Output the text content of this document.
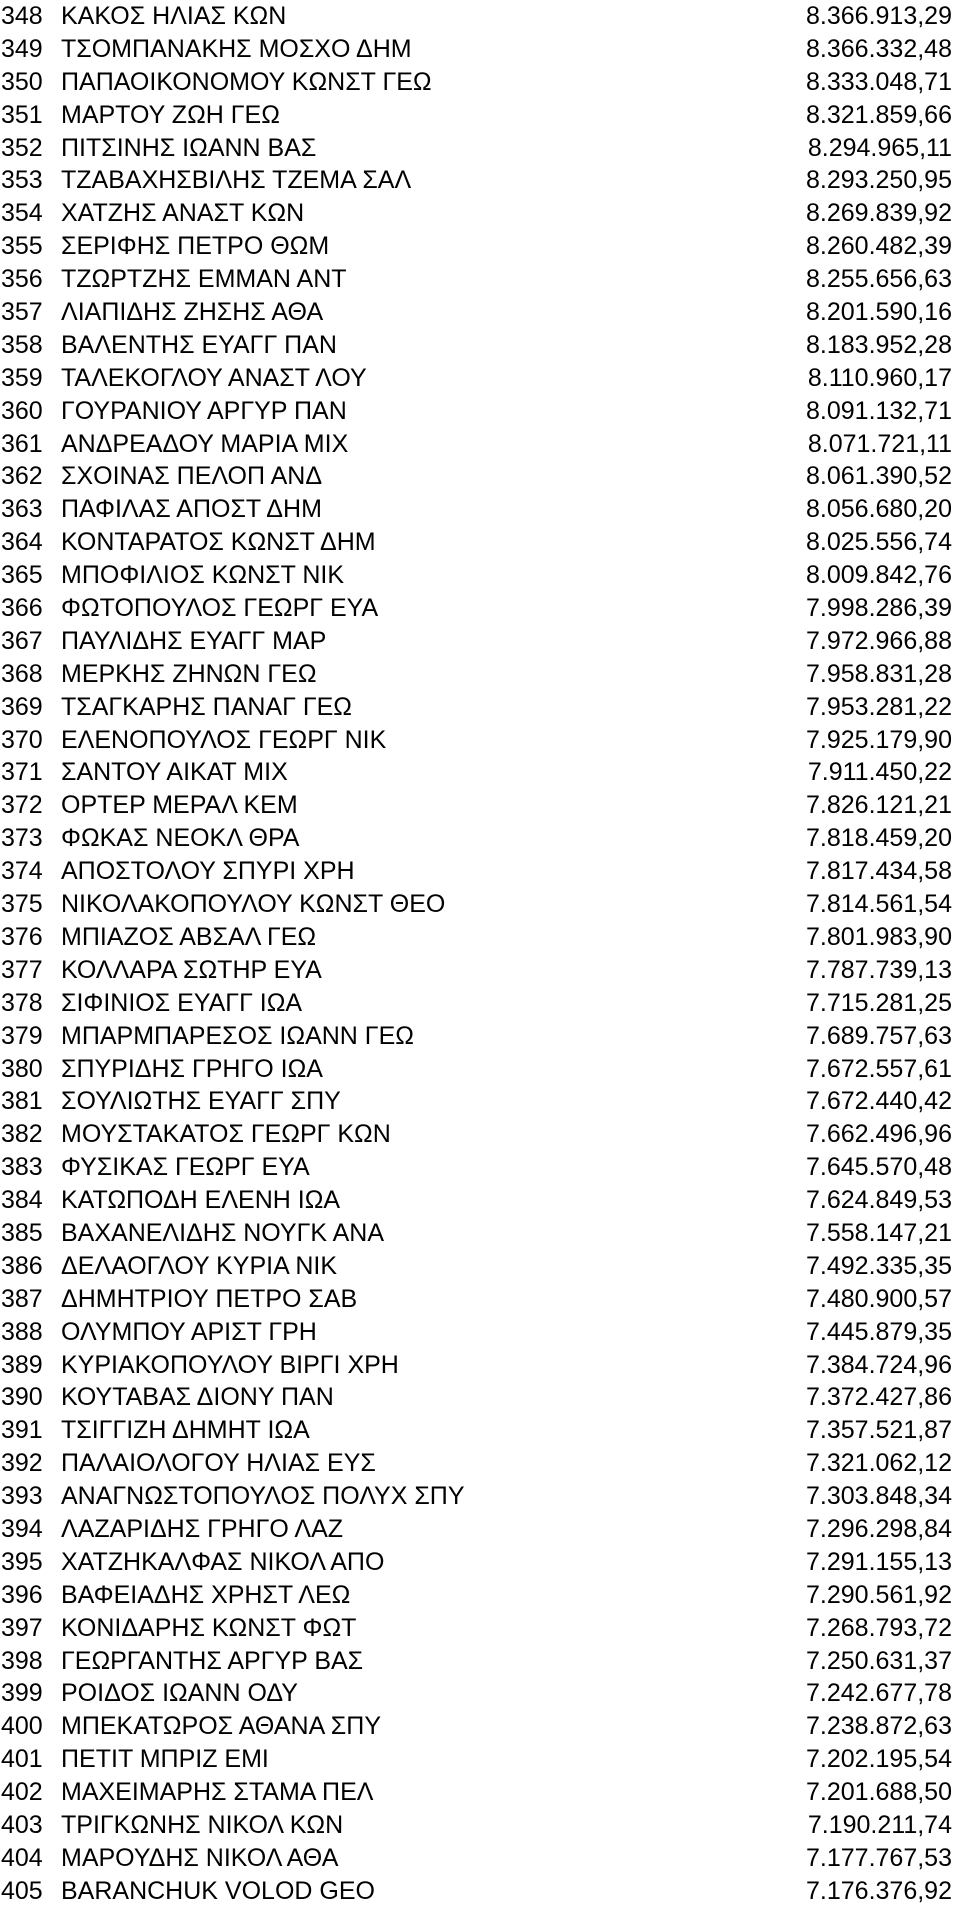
348 ΚΑΚΟΣ ΗΛΙΑΣ ΚΩΝ	8.366.913,29
349 ΤΣΟΜΠΑΝΑΚΗΣ ΜΟΣΧΟ ΔΗΜ	8.366.332,48
350 ΠΑΠΑΟΙΚΟΝΟΜΟΥ ΚΩΝΣΤ ΓΕΩ	8.333.048,71
351 ΜΑΡΤΟΥ ΖΩΗ ΓΕΩ	8.321.859,66
352 ΠΙΤΣΙΝΗΣ ΙΩΑΝΝ ΒΑΣ	8.294.965,11
353 ΤΖΑΒΑΧΗΣΒΙΛΗΣ ΤΖΕΜΑ ΣΑΛ	8.293.250,95
354 ΧΑΤΖΗΣ ΑΝΑΣΤ ΚΩΝ	8.269.839,92
355 ΣΕΡΙΦΗΣ ΠΕΤΡΟ ΘΩΜ	8.260.482,39
356 ΤΖΩΡΤΖΗΣ ΕΜΜΑΝ ΑΝΤ	8.255.656,63
357 ΛΙΑΠΙΔΗΣ ΖΗΣΗΣ ΑΘΑ	8.201.590,16
358 ΒΑΛΕΝΤΗΣ ΕΥΑΓΓ ΠΑΝ	8.183.952,28
359 ΤΑΛΕΚΟΓΛΟΥ ΑΝΑΣΤ ΛΟΥ	8.110.960,17
360 ΓΟΥΡΑΝΙΟΥ ΑΡΓΥΡ ΠΑΝ	8.091.132,71
361 ΑΝΔΡΕΑΔΟΥ ΜΑΡΙΑ ΜΙΧ	8.071.721,11
362 ΣΧΟΙΝΑΣ ΠΕΛΟΠ ΑΝΔ	8.061.390,52
363 ΠΑΦΙΛΑΣ ΑΠΟΣΤ ΔΗΜ	8.056.680,20
364 ΚΟΝΤΑΡΑΤΟΣ ΚΩΝΣΤ ΔΗΜ	8.025.556,74
365 ΜΠΟΦΙΛΙΟΣ ΚΩΝΣΤ ΝΙΚ	8.009.842,76
366 ΦΩΤΟΠΟΥΛΟΣ ΓΕΩΡΓ ΕΥΑ	7.998.286,39
367 ΠΑΥΛΙΔΗΣ ΕΥΑΓΓ ΜΑΡ	7.972.966,88
368 ΜΕΡΚΗΣ ΖΗΝΩΝ ΓΕΩ	7.958.831,28
369 ΤΣΑΓΚΑΡΗΣ ΠΑΝΑΓ ΓΕΩ	7.953.281,22
370 ΕΛΕΝΟΠΟΥΛΟΣ ΓΕΩΡΓ ΝΙΚ	7.925.179,90
371 ΣΑΝΤΟΥ ΑΙΚΑΤ ΜΙΧ	7.911.450,22
372 ΟΡΤΕΡ ΜΕΡΑΛ ΚΕΜ	7.826.121,21
373 ΦΩΚΑΣ ΝΕΟΚΛ ΘΡΑ	7.818.459,20
374 ΑΠΟΣΤΟΛΟΥ ΣΠΥΡΙ ΧΡΗ	7.817.434,58
375 ΝΙΚΟΛΑΚΟΠΟΥΛΟΥ ΚΩΝΣΤ ΘΕΟ	7.814.561,54
376 ΜΠΙΑΖΟΣ ΑΒΣΑΛ ΓΕΩ	7.801.983,90
377 ΚΟΛΛΑΡΑ ΣΩΤΗΡ ΕΥΑ	7.787.739,13
378 ΣΙΦΙΝΙΟΣ ΕΥΑΓΓ ΙΩΑ	7.715.281,25
379 ΜΠΑΡΜΠΑΡΕΣΟΣ ΙΩΑΝΝ ΓΕΩ	7.689.757,63
380 ΣΠΥΡΙΔΗΣ ΓΡΗΓΟ ΙΩΑ	7.672.557,61
381 ΣΟΥΛΙΩΤΗΣ ΕΥΑΓΓ ΣΠΥ	7.672.440,42
382 ΜΟΥΣΤΑΚΑΤΟΣ ΓΕΩΡΓ ΚΩΝ	7.662.496,96
383 ΦΥΣΙΚΑΣ ΓΕΩΡΓ ΕΥΑ	7.645.570,48
384 ΚΑΤΩΠΟΔΗ ΕΛΕΝΗ ΙΩΑ	7.624.849,53
385 ΒΑΧΑΝΕΛΙΔΗΣ ΝΟΥΓΚ ΑΝΑ	7.558.147,21
386 ΔΕΛΑΟΓΛΟΥ ΚΥΡΙΑ ΝΙΚ	7.492.335,35
387 ΔΗΜΗΤΡΙΟΥ ΠΕΤΡΟ ΣΑΒ	7.480.900,57
388 ΟΛΥΜΠΟΥ ΑΡΙΣΤ ΓΡΗ	7.445.879,35
389 ΚΥΡΙΑΚΟΠΟΥΛΟΥ ΒΙΡΓΙ ΧΡΗ	7.384.724,96
390 ΚΟΥΤΑΒΑΣ ΔΙΟΝΥ ΠΑΝ	7.372.427,86
391 ΤΣΙΓΓΙΖΗ ΔΗΜΗΤ ΙΩΑ	7.357.521,87
392 ΠΑΛΑΙΟΛΟΓΟΥ ΗΛΙΑΣ ΕΥΣ	7.321.062,12
393 ΑΝΑΓΝΩΣΤΟΠΟΥΛΟΣ ΠΟΛΥΧ ΣΠΥ	7.303.848,34
394 ΛΑΖΑΡΙΔΗΣ ΓΡΗΓΟ ΛΑΖ	7.296.298,84
395 ΧΑΤΖΗΚΑΛΦΑΣ ΝΙΚΟΛ ΑΠΟ	7.291.155,13
396 ΒΑΦΕΙΑΔΗΣ ΧΡΗΣΤ ΛΕΩ	7.290.561,92
397 ΚΟΝΙΔΑΡΗΣ ΚΩΝΣΤ ΦΩΤ	7.268.793,72
398 ΓΕΩΡΓΑΝΤΗΣ ΑΡΓΥΡ ΒΑΣ	7.250.631,37
399 ΡΟΙΔΟΣ ΙΩΑΝΝ ΟΔΥ	7.242.677,78
400 ΜΠΕΚΑΤΩΡΟΣ ΑΘΑΝΑ ΣΠΥ	7.238.872,63
401 ΠΕΤΙΤ ΜΠΡΙΖ ΕΜΙ	7.202.195,54
402 ΜΑΧΕΙΜΑΡΗΣ ΣΤΑΜΑ ΠΕΛ	7.201.688,50
403 ΤΡΙΓΚΩΝΗΣ ΝΙΚΟΛ ΚΩΝ	7.190.211,74
404 ΜΑΡΟΥΔΗΣ ΝΙΚΟΛ ΑΘΑ	7.177.767,53
405 BARANCHUK VOLOD GEO	7.176.376,92
